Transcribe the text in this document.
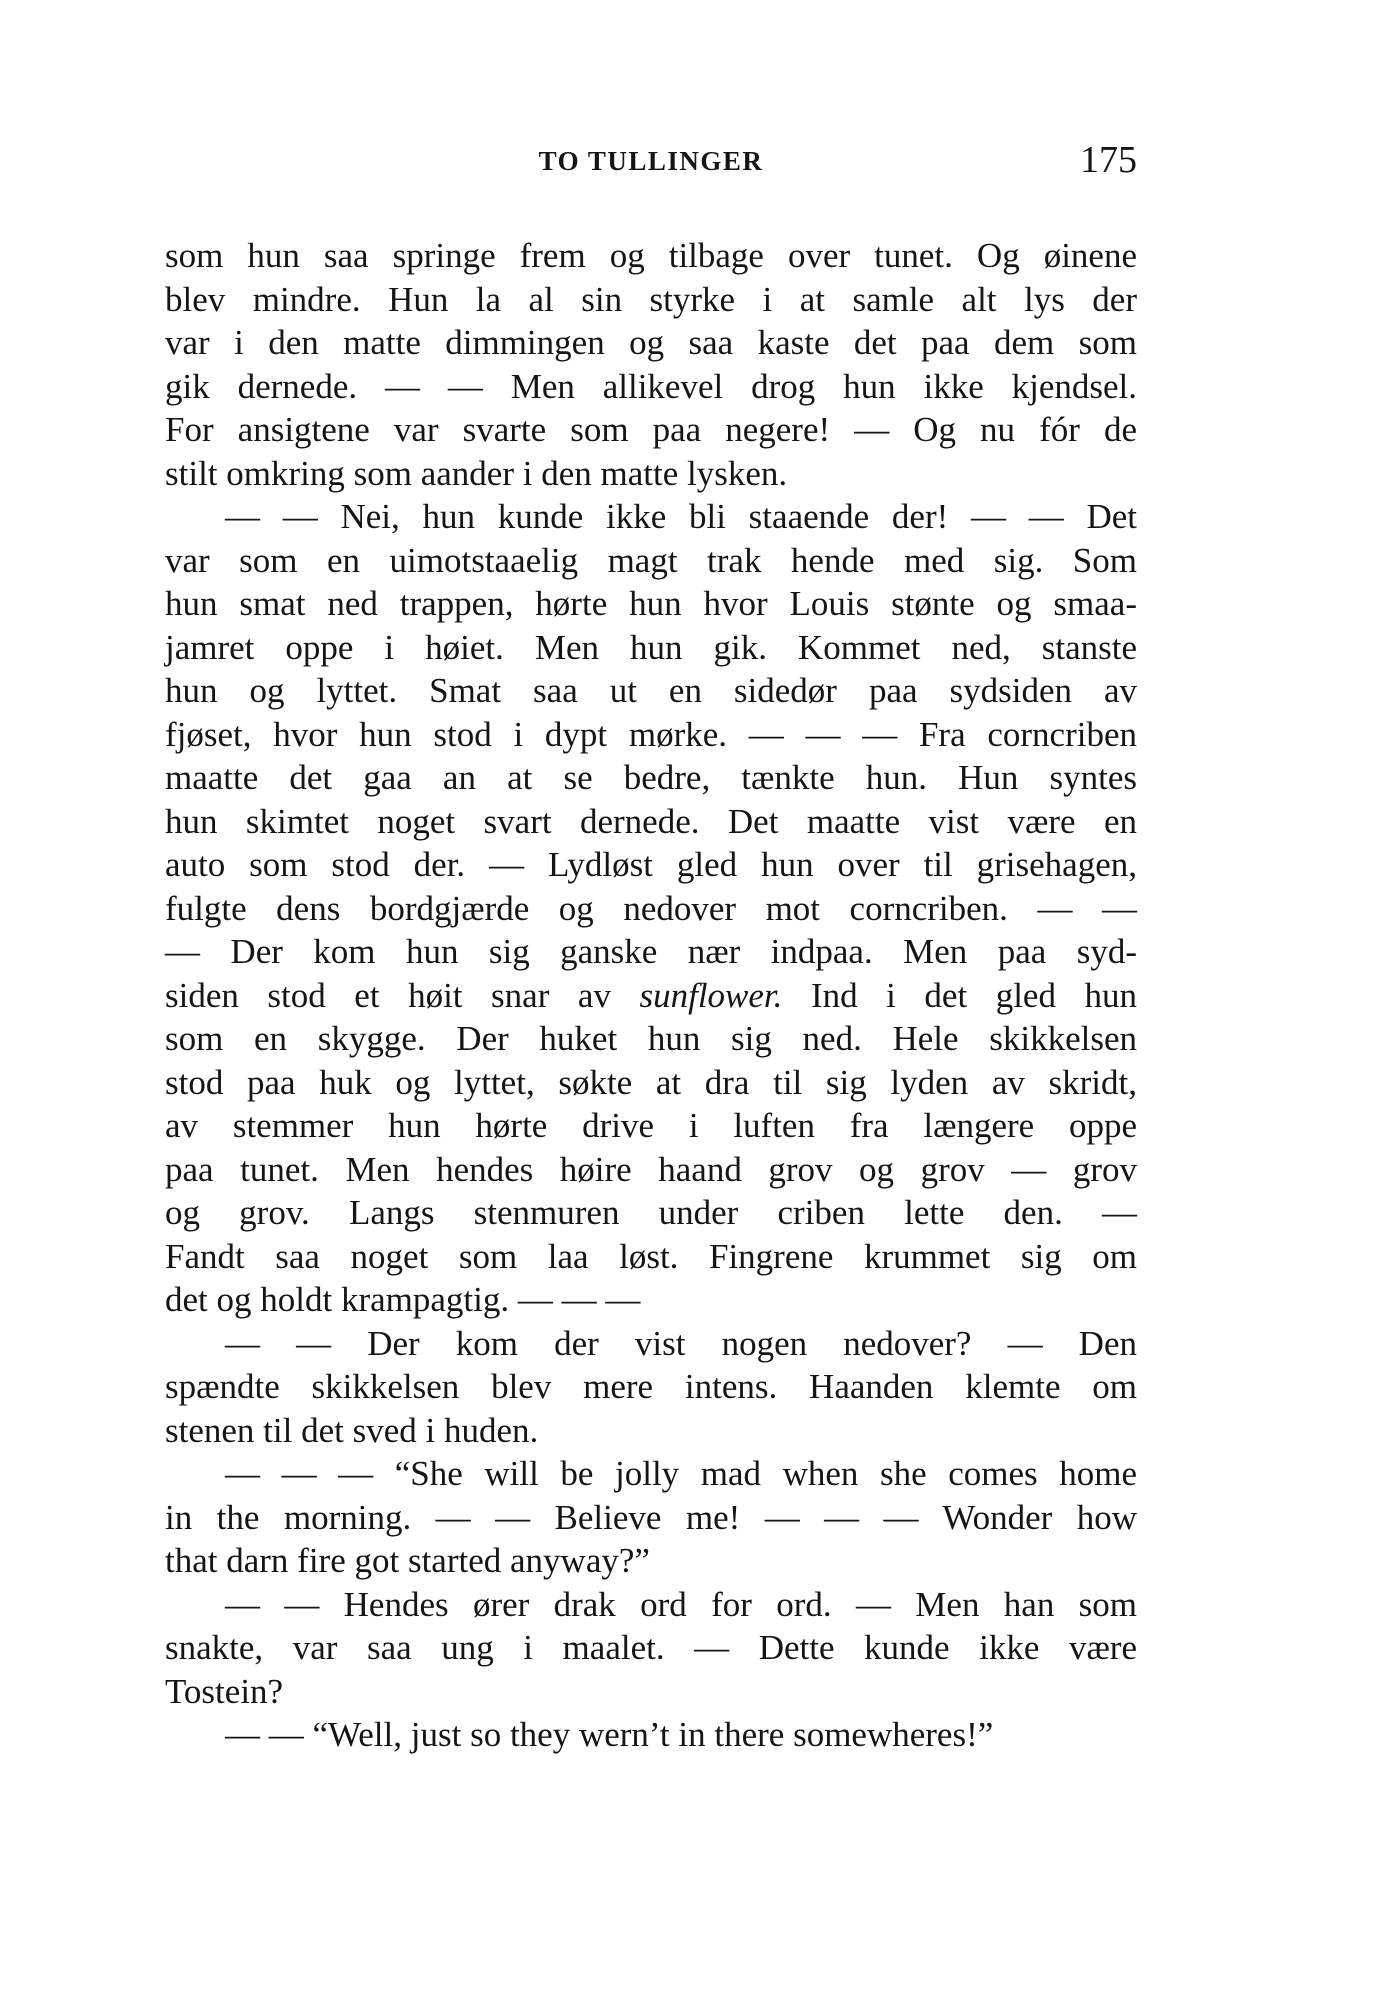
TO TULLINGER	175
som hun saa springe frem og tilbage over tunet. Og øinene
blev mindre. Hun la al sin styrke i at samle alt lys der
var i den matte dimmingen og saa kaste det paa dem som
gik dernede. — — Men allikevel drog hun ikke kjendsel.
For ansigtene var svarte som paa negere! — Og nu fór de
stilt omkring som aander i den matte lysken.
— — Nei, hun kunde ikke bli staaende der! — — Det
var som en uimotstaaelig magt trak hende med sig. Som
hun smat ned trappen, hørte hun hvor Louis stønte og smaa-
jamret oppe i høiet. Men hun gik. Kommet ned, stanste
hun og lyttet. Smat saa ut en sidedør paa sydsiden av
fjøset, hvor hun stod i dypt mørke. — — — Fra corncriben
maatte det gaa an at se bedre, tænkte hun. Hun syntes
hun skimtet noget svart dernede. Det maatte vist være en
auto som stod der. — Lydløst gled hun over til grisehagen,
fulgte dens bordgjærde og nedover mot corncriben. — —
— Der kom hun sig ganske nær indpaa. Men paa syd-
siden stod et høit snar av sunflower. Ind i det gled hun
som en skygge. Der huket hun sig ned. Hele skikkelsen
stod paa huk og lyttet, søkte at dra til sig lyden av skridt,
av stemmer hun hørte drive i luften fra længere oppe
paa tunet. Men hendes høire haand grov og grov — grov
og grov. Langs stenmuren under criben lette den. —
Fandt saa noget som laa løst. Fingrene krummet sig om
det og holdt krampagtig. — — —
— — Der kom der vist nogen nedover? — Den
spændte skikkelsen blev mere intens. Haanden klemte om
stenen til det sved i huden.
— — — “She will be jolly mad when she comes home
in the morning. — — Believe me! — — — Wonder how
that darn fire got started anyway?”
— — Hendes ører drak ord for ord. — Men han som
snakte, var saa ung i maalet. — Dette kunde ikke være
Tostein?
— — “Well, just so they wern’t in there somewheres!”
